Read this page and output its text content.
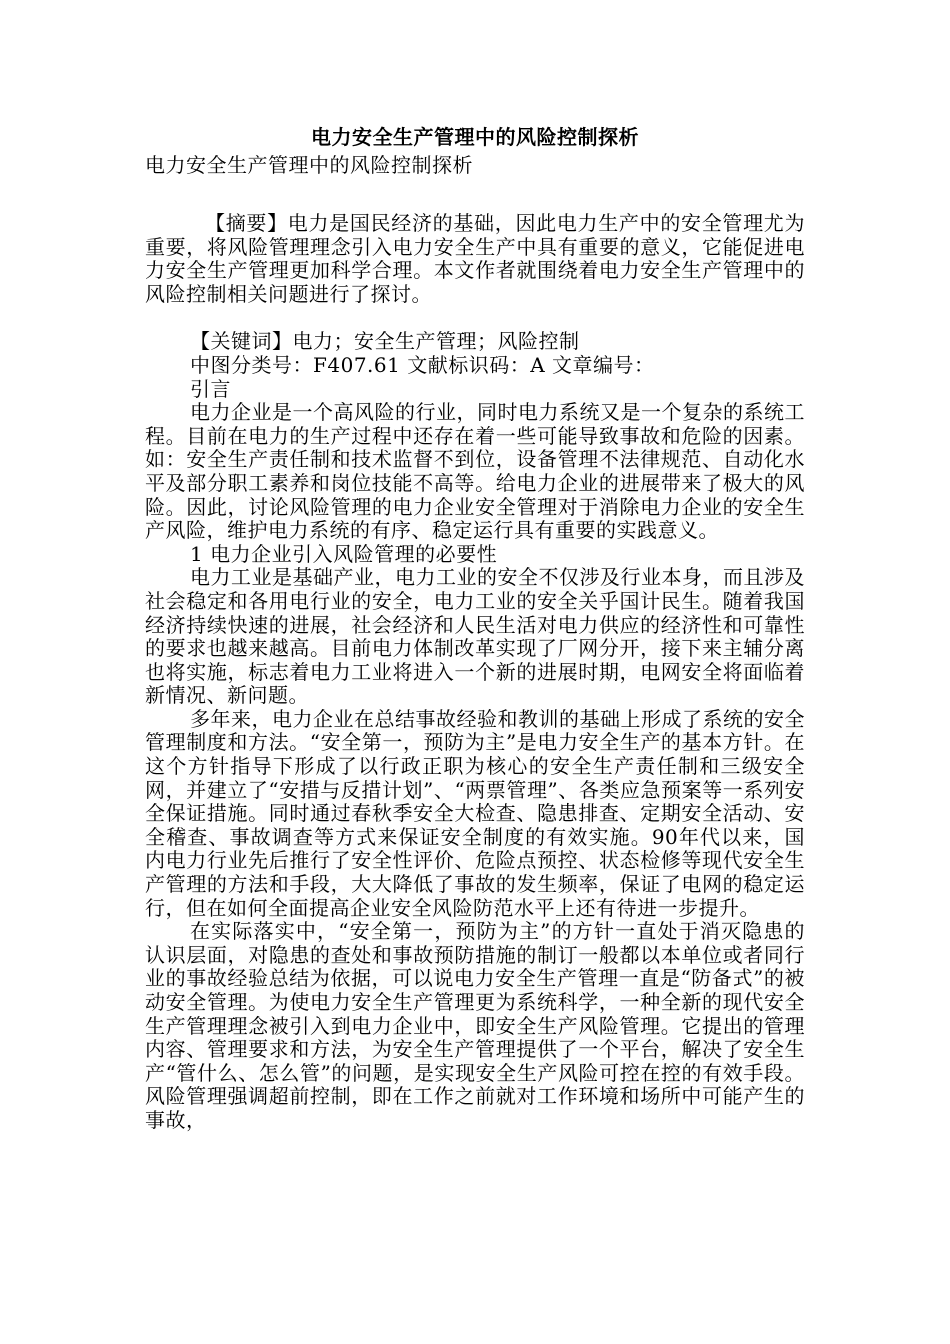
电力安全生产管理中的风险控制探析
电力安全生产管理中的风险控制探析

【摘要】电力是国民经济的基础，因此电力生产中的安全管理尤为重要，将风险管理理念引入电力安全生产中具有重要的意义，它能促进电力安全生产管理更加科学合理。本文作者就围绕着电力安全生产管理中的风险控制相关问题进行了探讨。

【关键词】电力；安全生产管理；风险控制

中图分类号：F407.61 文献标识码：A 文章编号：

引言

电力企业是一个高风险的行业，同时电力系统又是一个复杂的系统工程。目前在电力的生产过程中还存在着一些可能导致事故和危险的因素。如：安全生产责任制和技术监督不到位，设备管理不法律规范、自动化水平及部分职工素养和岗位技能不高等。给电力企业的进展带来了极大的风险。因此，讨论风险管理的电力企业安全管理对于消除电力企业的安全生产风险，维护电力系统的有序、稳定运行具有重要的实践意义。

1 电力企业引入风险管理的必要性

电力工业是基础产业，电力工业的安全不仅涉及行业本身，而且涉及社会稳定和各用电行业的安全，电力工业的安全关乎国计民生。随着我国经济持续快速的进展，社会经济和人民生活对电力供应的经济性和可靠性的要求也越来越高。目前电力体制改革实现了厂网分开，接下来主辅分离也将实施，标志着电力工业将进入一个新的进展时期，电网安全将面临着新情况、新问题。

多年来，电力企业在总结事故经验和教训的基础上形成了系统的安全管理制度和方法。“安全第一，预防为主”是电力安全生产的基本方针。在这个方针指导下形成了以行政正职为核心的安全生产责任制和三级安全网，并建立了“安措与反措计划”、“两票管理”、各类应急预案等一系列安全保证措施。同时通过春秋季安全大检查、隐患排查、定期安全活动、安全稽查、事故调查等方式来保证安全制度的有效实施。90年代以来，国内电力行业先后推行了安全性评价、危险点预控、状态检修等现代安全生产管理的方法和手段，大大降低了事故的发生频率，保证了电网的稳定运行，但在如何全面提高企业安全风险防范水平上还有待进一步提升。

在实际落实中，“安全第一，预防为主”的方针一直处于消灭隐患的认识层面，对隐患的查处和事故预防措施的制订一般都以本单位或者同行业的事故经验总结为依据，可以说电力安全生产管理一直是“防备式”的被动安全管理。为使电力安全生产管理更为系统科学，一种全新的现代安全生产管理理念被引入到电力企业中，即安全生产风险管理。它提出的管理内容、管理要求和方法，为安全生产管理提供了一个平台，解决了安全生产“管什么、怎么管”的问题，是实现安全生产风险可控在控的有效手段。风险管理强调超前控制，即在工作之前就对工作环境和场所中可能产生的事故，
